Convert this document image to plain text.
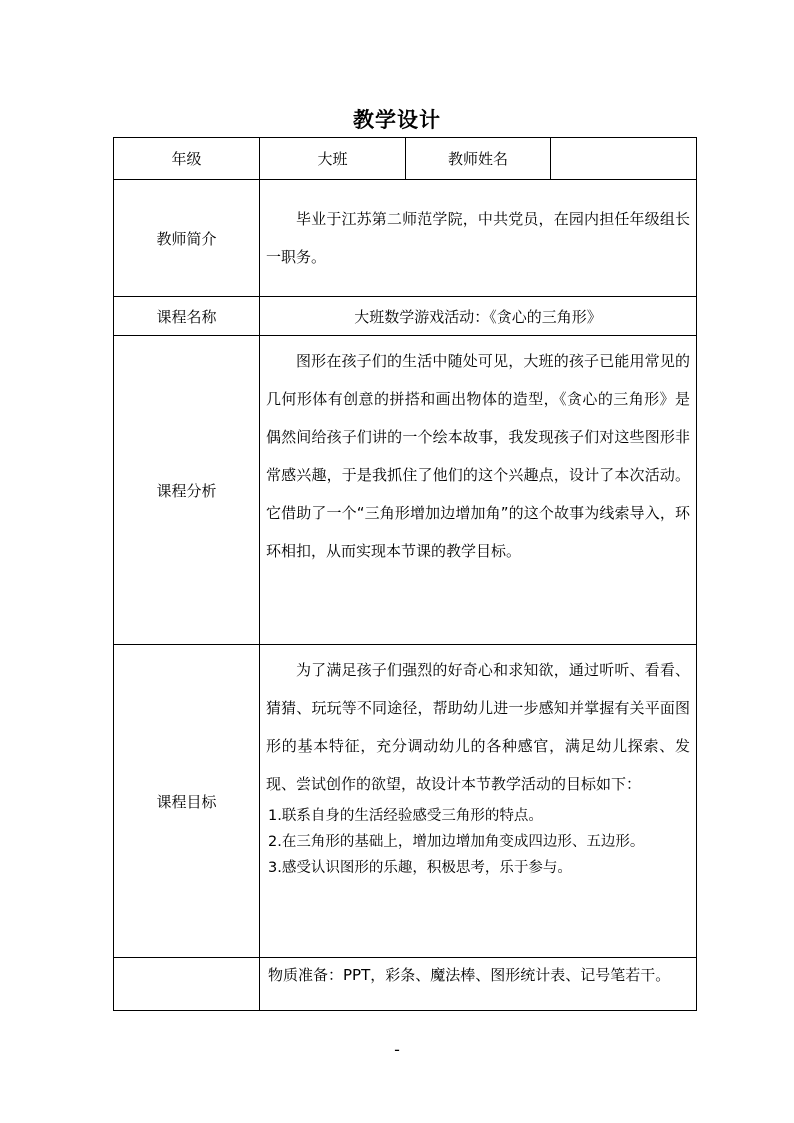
教学设计
年级	大班	教师姓名	
教师简介	毕业于江苏第二师范学院，中共党员，在园内担任年级组长一职务。		

课程名称	大班数学游戏活动：《贪心的三角形》		
课程分析	图形在孩子们的生活中随处可见，大班的孩子已能用常见的几何形体有创意的拼搭和画出物体的造型，《贪心的三角形》是偶然间给孩子们讲的一个绘本故事，我发现孩子们对这些图形非常感兴趣，于是我抓住了他们的这个兴趣点，设计了本次活动。它借助了一个“三角形增加边增加角”的这个故事为线索导入，环环相扣，从而实现本节课的教学目标。		

课程目标	为了满足孩子们强烈的好奇心和求知欲，通过听听、看看、猜猜、玩玩等不同途径，帮助幼儿进一步感知并掌握有关平面图形的基本特征，充分调动幼儿的各种感官，满足幼儿探索、发现、尝试创作的欲望，故设计本节教学活动的目标如下：
1.联系自身的生活经验感受三角形的特点。
2.在三角形的基础上，增加边增加角变成四边形、五边形。
3.感受认识图形的乐趣，积极思考，乐于参与。		

	物质准备：PPT，彩条、魔法棒、图形统计表、记号笔若干。		
-
